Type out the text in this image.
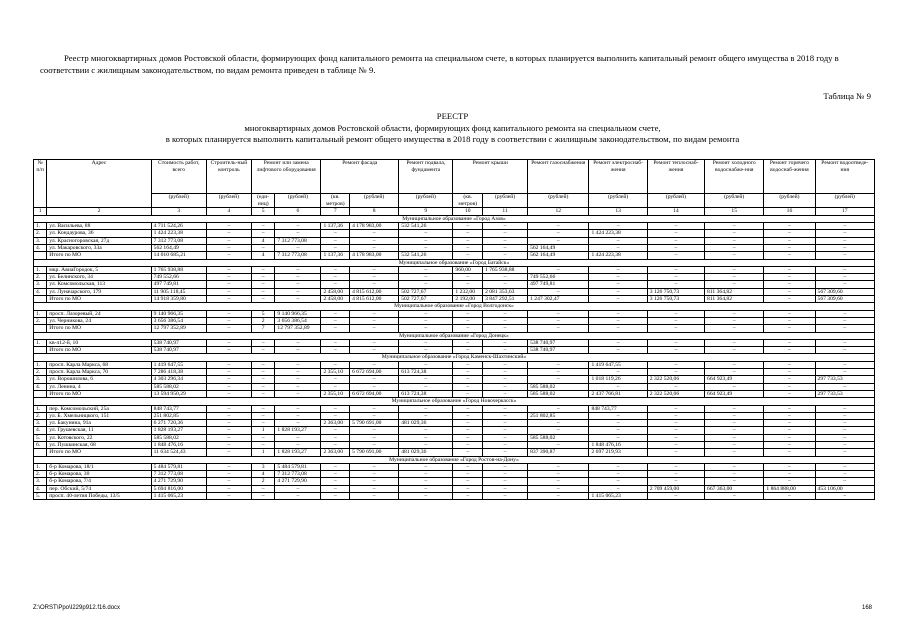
Реестр многоквартирных домов Ростовской области, формирующих фонд капитального ремонта на специальном счете, в которых планируется выполнить капитальный ремонт общего имущества в 2018 году в соответствии с жилищным законодательством, по видам ремонта приведен в таблице № 9.
Таблица № 9
РЕЕСТР
многоквартирных домов Ростовской области, формирующих фонд капитального ремонта на специальном счете,
в которых планируется выполнить капитальный ремонт общего имущества в 2018 году в соответствии с жилищным законодательством, по видам ремонта
№ п/п	Адрес	Стоимость работ, всего	Строитель-ный контроль	Ремонт или замена лифтового оборудования		Ремонт фасада		Ремонт подвала, фундамента	Ремонт крыши		Ремонт газоснабжения	Ремонт электроснаб-жения	Ремонт теплоснаб-жения	Ремонт холодного водоснабже-ния	Ремонт горячего водоснаб-жения	Ремонт водоотведе-ния
		(рублей)	(рублей)	(еди-ниц)	(рублей)	(кв. метров)	(рублей)	(рублей)	(кв. метров)	(рублей)	(рублей)	(рублей)	(рублей)	(рублей)	(рублей)	(рублей)
1	2	3	4	5	6	7	8	9	10	11	12	13	14	15	16	17
Муниципальное образование «Город Азов»																
1.	ул. Васильева, 88	4 711 524,26	–	–	–	1 137,36	4 178 983,00	532 541,26	–	–	–	–	–	–	–	–
2.	ул. Кондаурова, 36	1 424 223,38	–	–	–	–	–	–	–	–	–	1 424 223,38	–	–	–	–
3.	ул. Красногоровская, 27д	7 312 773,08	–	4	7 312 773,08	–	–	–	–	–	–	–	–	–	–	–
4.	ул. Макаровского, 33а	562 164,49	–	–	–	–	–	–	–	–	562 164,49	–	–	–	–	–
	Итого по МО	14 010 685,21	–	4	7 312 773,08	1 137,36	4 178 983,00	532 541,26	–	–	562 164,49	1 424 223,38	–	–	–	–
Муниципальное образование «Город Батайск»																
1.	мкр. АвиаГородок, 5	1 765 938,88	–	–	–	–	–	–	960,00	1 765 938,88	–	–	–	–	–	–
2.	ул. Белинского, 34	749 552,66	–	–	–	–	–	–	–	–	749 552,66	–	–	–	–	–
3.	ул. Комсомольская, 113	497 749,81	–	–	–	–	–	–	–	–	497 749,81	–	–	–	–	–
4.	ул. Луначарского, 179	11 905 118,45	–	–	–	2 458,00	4 815 612,00	502 727,67	1 232,00	2 081 353,63	–	–	3 126 750,73	811 364,82	–	567 309,60
	Итого по МО	14 918 359,80	–	–	–	2 458,00	4 815 612,00	502 727,67	2 192,00	3 847 292,51	1 247 302,47	–	3 126 750,73	811 364,82	–	567 309,60
Муниципальное образование «Город Волгодонск»																
1.	просп. Лазоревый, 24	9 140 966,35	–	5	9 140 966,35	–	–	–	–	–	–	–	–	–	–	–
2.	ул. Черникова, 24	3 656 386,54	–	2	3 656 386,54	–	–	–	–	–	–	–	–	–	–	–
	Итого по МО	12 797 352,89	–	7	12 797 352,89	–	–	–	–	–	–	–	–	–	–	–
Муниципальное образование «Город Донецк»																
1.	кв-л12-й, 10	538 740,97	–	–	–	–	–	–	–	–	538 740,97	–	–	–	–	–
	Итого по МО	538 740,97	–	–	–	–	–	–	–	–	538 740,97	–	–	–	–	–
Муниципальное образование «Город Каменск-Шахтинский»																
1.	просп. Карла Маркса, 68	1 419 647,55	–	–	–	–	–	–	–	–	–	1 419 647,55	–	–	–	–
2.	просп. Карла Маркса, 70	7 286 418,38	–	–	–	2 355,10	6 672 694,00	613 724,38	–	–	–	–	–	–	–	–
3.	ул. Ворошилова, 6	4 303 296,34	–	–	–	–	–	–	–	–	–	1 018 119,26	2 322 520,06	664 923,49	–	297 733,53
4.	ул. Ленина, 4	585 588,02	–	–	–	–	–	–	–	–	585 588,02	–	–	–	–	–
	Итого по МО	13 594 950,29	–	–	–	2 355,10	6 672 694,00	613 724,38	–	–	585 588,02	2 437 766,81	2 322 520,06	664 923,49	–	297 733,53
Муниципальное образование «Город Новочеркасск»																
1.	пер. Комсомольский, 25а	848 743,77	–	–	–	–	–	–	–	–	–	848 743,77	–	–	–	–
2.	ул. Б. Хмельницкого, 151	251 802,85	–	–	–	–	–	–	–	–	251 802,85	–	–	–	–	–
3.	ул. Бакунина, 91а	6 271 720,36	–	–	–	2 363,00	5 790 691,00	481 029,36	–	–	–	–	–	–	–	–
4.	ул. Грушевская, 11	1 828 193,27	–	1	1 828 193,27	–	–	–	–	–	–	–	–	–	–	–
5.	ул. Котовского, 22	585 588,02	–	–	–	–	–	–	–	–	585 588,02	–	–	–	–	–
6.	ул. Пушкинская, 68	1 848 476,16	–	–	–	–	–	–	–	–	–	1 848 476,16	–	–	–	–
	Итого по МО	11 634 524,43	–	1	1 828 193,27	2 363,00	5 790 691,00	481 029,36	–	–	837 390,87	2 697 219,93	–	–	–	–
Муниципальное образование «Город Ростов-на-Дону»																
1.	б-р Комарова, 18/1	5 484 579,81	–	3	5 484 579,81	–	–	–	–	–	–	–	–	–	–	–
2.	б-р Комарова, 30	7 312 773,08	–	4	7 312 773,08	–	–	–	–	–	–	–	–	–	–	–
3.	б-р Комарова, 7/4	4 271 729,90	–	2	4 271 729,90	–	–	–	–	–	–	–	–	–	–	–
4.	пер. Обский, 5/74	5 694 816,00	–	–	–	–	–	–	–	–	–	–	2 709 459,00	667 363,00	1 864 888,00	453 106,00
5.	просп. 40-летия Победы, 13/5	1 415 065,23	–	–	–	–	–	–	–	–	–	1 415 065,23	–	–	–	–
Z:\ORST\Ppo\I229p912.f16.docx	168
